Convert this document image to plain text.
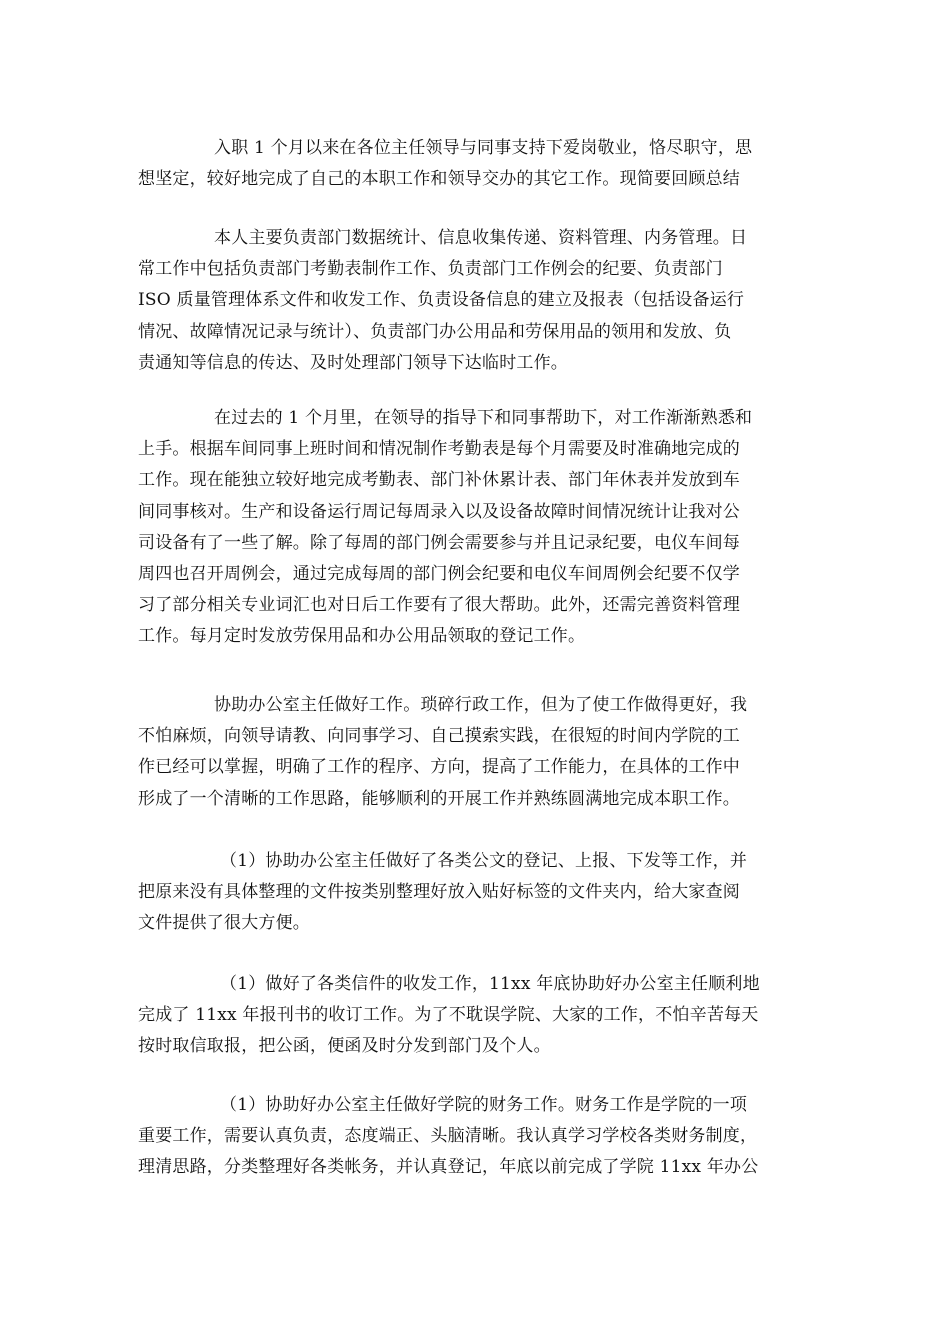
入职 1 个月以来在各位主任领导与同事支持下爱岗敬业，恪尽职守，思
想坚定，较好地完成了自己的本职工作和领导交办的其它工作。现简要回顾总结
本人主要负责部门数据统计、信息收集传递、资料管理、内务管理。日
常工作中包括负责部门考勤表制作工作、负责部门工作例会的纪要、负责部门
ISO 质量管理体系文件和收发工作、负责设备信息的建立及报表（包括设备运行
情况、故障情况记录与统计）、负责部门办公用品和劳保用品的领用和发放、负
责通知等信息的传达、及时处理部门领导下达临时工作。
在过去的 1 个月里，在领导的指导下和同事帮助下，对工作渐渐熟悉和
上手。根据车间同事上班时间和情况制作考勤表是每个月需要及时准确地完成的
工作。现在能独立较好地完成考勤表、部门补休累计表、部门年休表并发放到车
间同事核对。生产和设备运行周记每周录入以及设备故障时间情况统计让我对公
司设备有了一些了解。除了每周的部门例会需要参与并且记录纪要，电仪车间每
周四也召开周例会，通过完成每周的部门例会纪要和电仪车间周例会纪要不仅学
习了部分相关专业词汇也对日后工作要有了很大帮助。此外，还需完善资料管理
工作。每月定时发放劳保用品和办公用品领取的登记工作。
协助办公室主任做好工作。琐碎行政工作，但为了使工作做得更好，我
不怕麻烦，向领导请教、向同事学习、自己摸索实践，在很短的时间内学院的工
作已经可以掌握，明确了工作的程序、方向，提高了工作能力，在具体的工作中
形成了一个清晰的工作思路，能够顺利的开展工作并熟练圆满地完成本职工作。
（1）协助办公室主任做好了各类公文的登记、上报、下发等工作，并
把原来没有具体整理的文件按类别整理好放入贴好标签的文件夹内，给大家查阅
文件提供了很大方便。
（1）做好了各类信件的收发工作，11xx 年底协助好办公室主任顺利地
完成了 11xx 年报刊书的收订工作。为了不耽误学院、大家的工作，不怕辛苦每天
按时取信取报，把公函，便函及时分发到部门及个人。
（1）协助好办公室主任做好学院的财务工作。财务工作是学院的一项
重要工作，需要认真负责，态度端正、头脑清晰。我认真学习学校各类财务制度，
理清思路，分类整理好各类帐务，并认真登记，年底以前完成了学院 11xx 年办公
